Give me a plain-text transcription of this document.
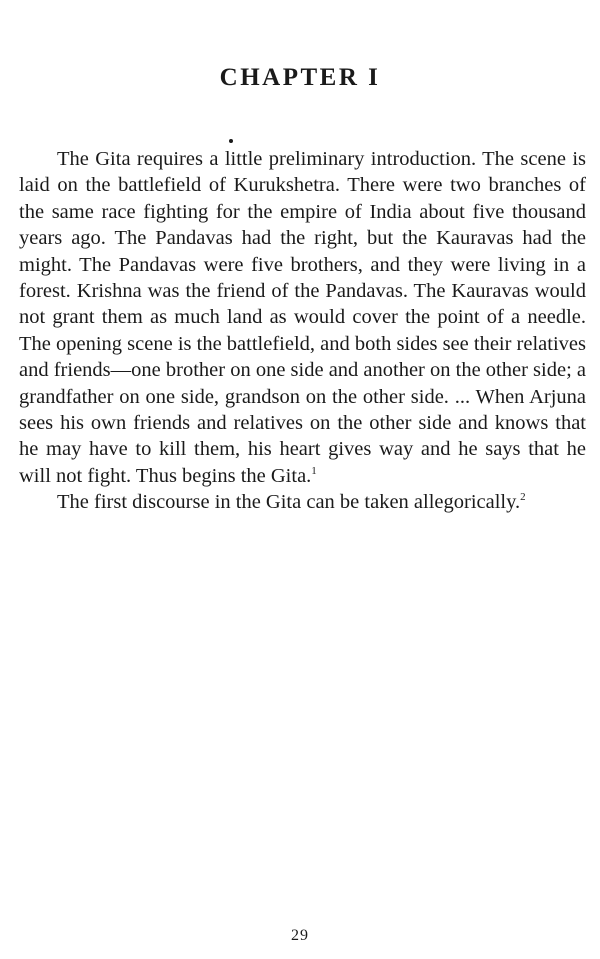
CHAPTER I

The Gita requires a little preliminary introduction. The scene is laid on the battlefield of Kurukshetra. There were two branches of the same race fighting for the empire of India about five thousand years ago. The Pandavas had the right, but the Kauravas had the might. The Pandavas were five brothers, and they were living in a forest. Krishna was the friend of the Pandavas. The Kauravas would not grant them as much land as would cover the point of a needle. The opening scene is the battlefield, and both sides see their relatives and friends—one brother on one side and another on the other side; a grandfather on one side, grandson on the other side. ... When Arjuna sees his own friends and relatives on the other side and knows that he may have to kill them, his heart gives way and he says that he will not fight. Thus begins the Gita.$^1$

The first discourse in the Gita can be taken allegorically.$^2$

29
